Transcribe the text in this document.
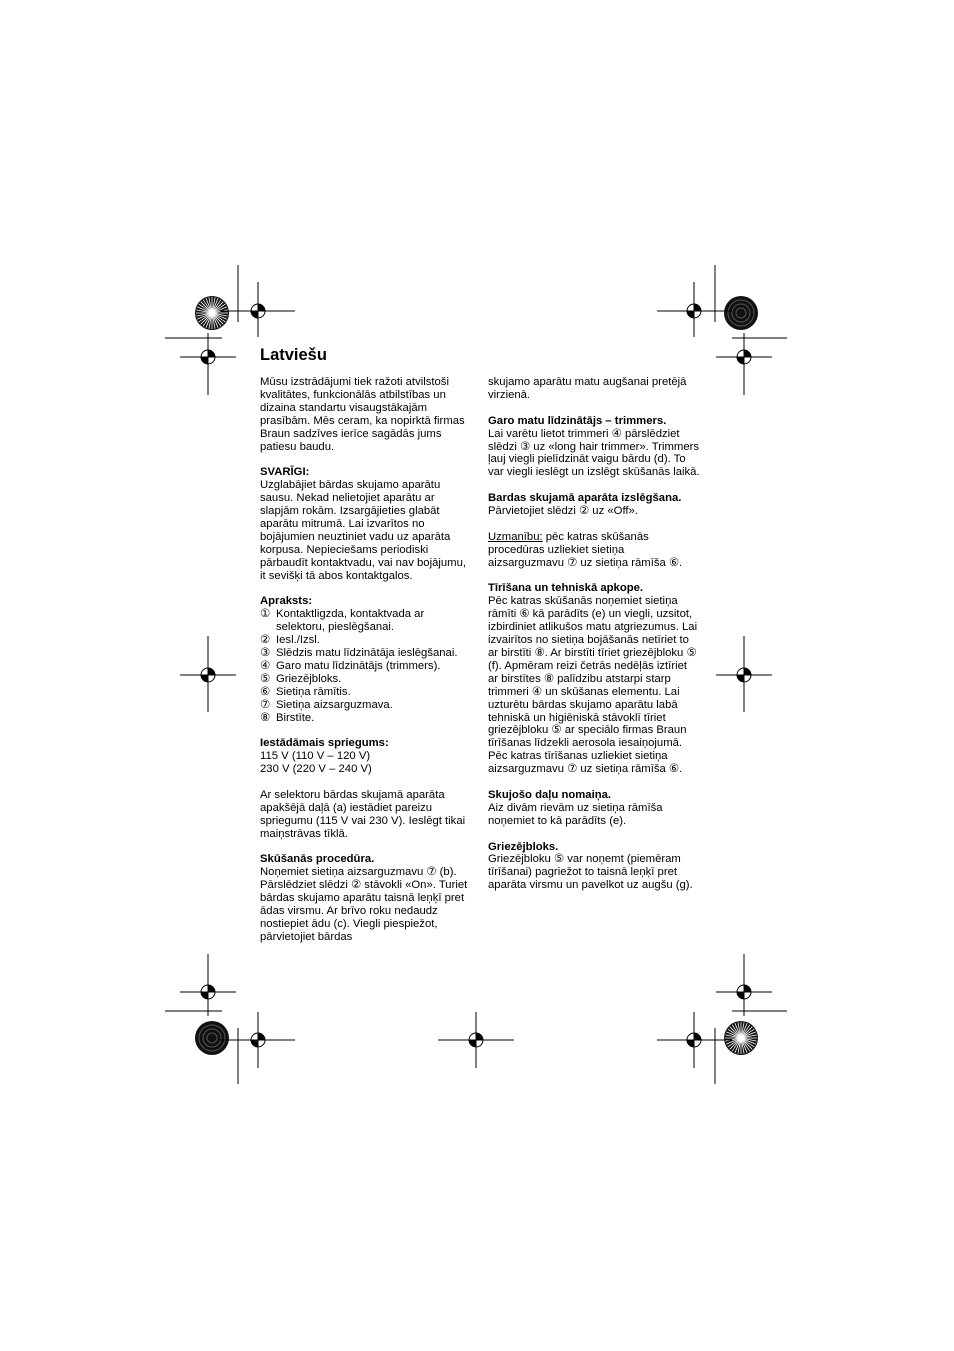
Latviešu

Mūsu izstrādājumi tiek ražoti atvilstoši kvalitātes, funkcionālās atbilstības un dizaina standartu visaugstākajām prasībām. Mēs ceram, ka nopirktā firmas Braun sadzīves ierīce sagādās jums patiesu baudu.

SVARĪGI:
Uzglabājiet bārdas skujamo aparātu sausu. Nekad nelietojiet aparātu ar slapjām rokām. Izsargājieties glabāt aparātu mitrumā. Lai izvarītos no bojājumien neuztiniet vadu uz aparāta korpusa. Nepieciešams periodiski pārbaudīt kontaktvadu, vai nav bojājumu, it sevišķi tā abos kontaktgalos.

Apraksts:
① Kontaktligzda, kontaktvada ar selektoru, pieslēgšanai.
② Iesl./Izsl.
③ Slēdzis matu līdzinātāja ieslēgšanai.
④ Garo matu līdzinātājs (trimmers).
⑤ Griezējbloks.
⑥ Sietiņa rāmītis.
⑦ Sietiņa aizsarguzmava.
⑧ Birstīte.

Iestādāmais spriegums:
115 V (110 V – 120 V)
230 V (220 V – 240 V)

Ar selektoru bārdas skujamā aparāta apakšējā daļā (a) iestādiet pareizu spriegumu (115 V vai 230 V). Ieslēgt tikai maiņstrāvas tīklā.

Skūšanās procedūra.
Noņemiet sietiņa aizsarguzmavu ⑦ (b). Pārslēdziet slēdzi ② stāvokli «On». Turiet bārdas skujamo aparātu taisnā leņķī pret ādas virsmu. Ar brīvo roku nedaudz nostiepiet ādu (c). Viegli piespiežot, pārvietojiet bārdas

skujamo aparātu matu augšanai pretējā virzienā.

Garo matu līdzinātājs – trimmers.
Lai varētu lietot trimmeri ④ pārslēdziet slēdzi ③ uz «long hair trimmer». Trimmers ļauj viegli pielīdzināt vaigu bārdu (d). To var viegli ieslēgt un izslēgt skūšanās laikā.

Bardas skujamā aparāta izslēgšana.
Pārvietojiet slēdzi ② uz «Off».

Uzmanību: pēc katras skūšanās procedūras uzliekiet sietiņa aizsarguzmavu ⑦ uz sietiņa rāmīša ⑥.

Tīrīšana un tehniskā apkope.
Pēc katras skūšanās noņemiet sietiņa rāmīti ⑥ kā parādīts (e) un viegli, uzsitot, izbirdiniet atlikušos matu atgriezumus. Lai izvairītos no sietiņa bojāšanās netīriet to ar birstīti ⑧. Ar birstīti tīriet griezējbloku ⑤ (f). Apmēram reizi četrās nedēļās iztīriet ar birstītes ⑧ palīdzibu atstarpi starp trimmeri ④ un skūšanas elementu. Lai uzturētu bārdas skujamo aparātu labā tehniskā un higiēniskā stāvoklī tīriet griezējbloku ⑤ ar speciālo firmas Braun tīrīšanas līdzekli aerosola iesaiņojumā. Pēc katras tīrīšanas uzliekiet sietiņa aizsarguzmavu ⑦ uz sietiņa rāmīša ⑥.

Skujošo daļu nomaiņa.
Aiz divām rievām uz sietiņa rāmīša noņemiet to kā parādīts (e).

Griezējbloks.
Griezējbloku ⑤ var noņemt (piemēram tīrīšanai) pagriežot to taisnā leņķī pret aparāta virsmu un pavelkot uz augšu (g).
